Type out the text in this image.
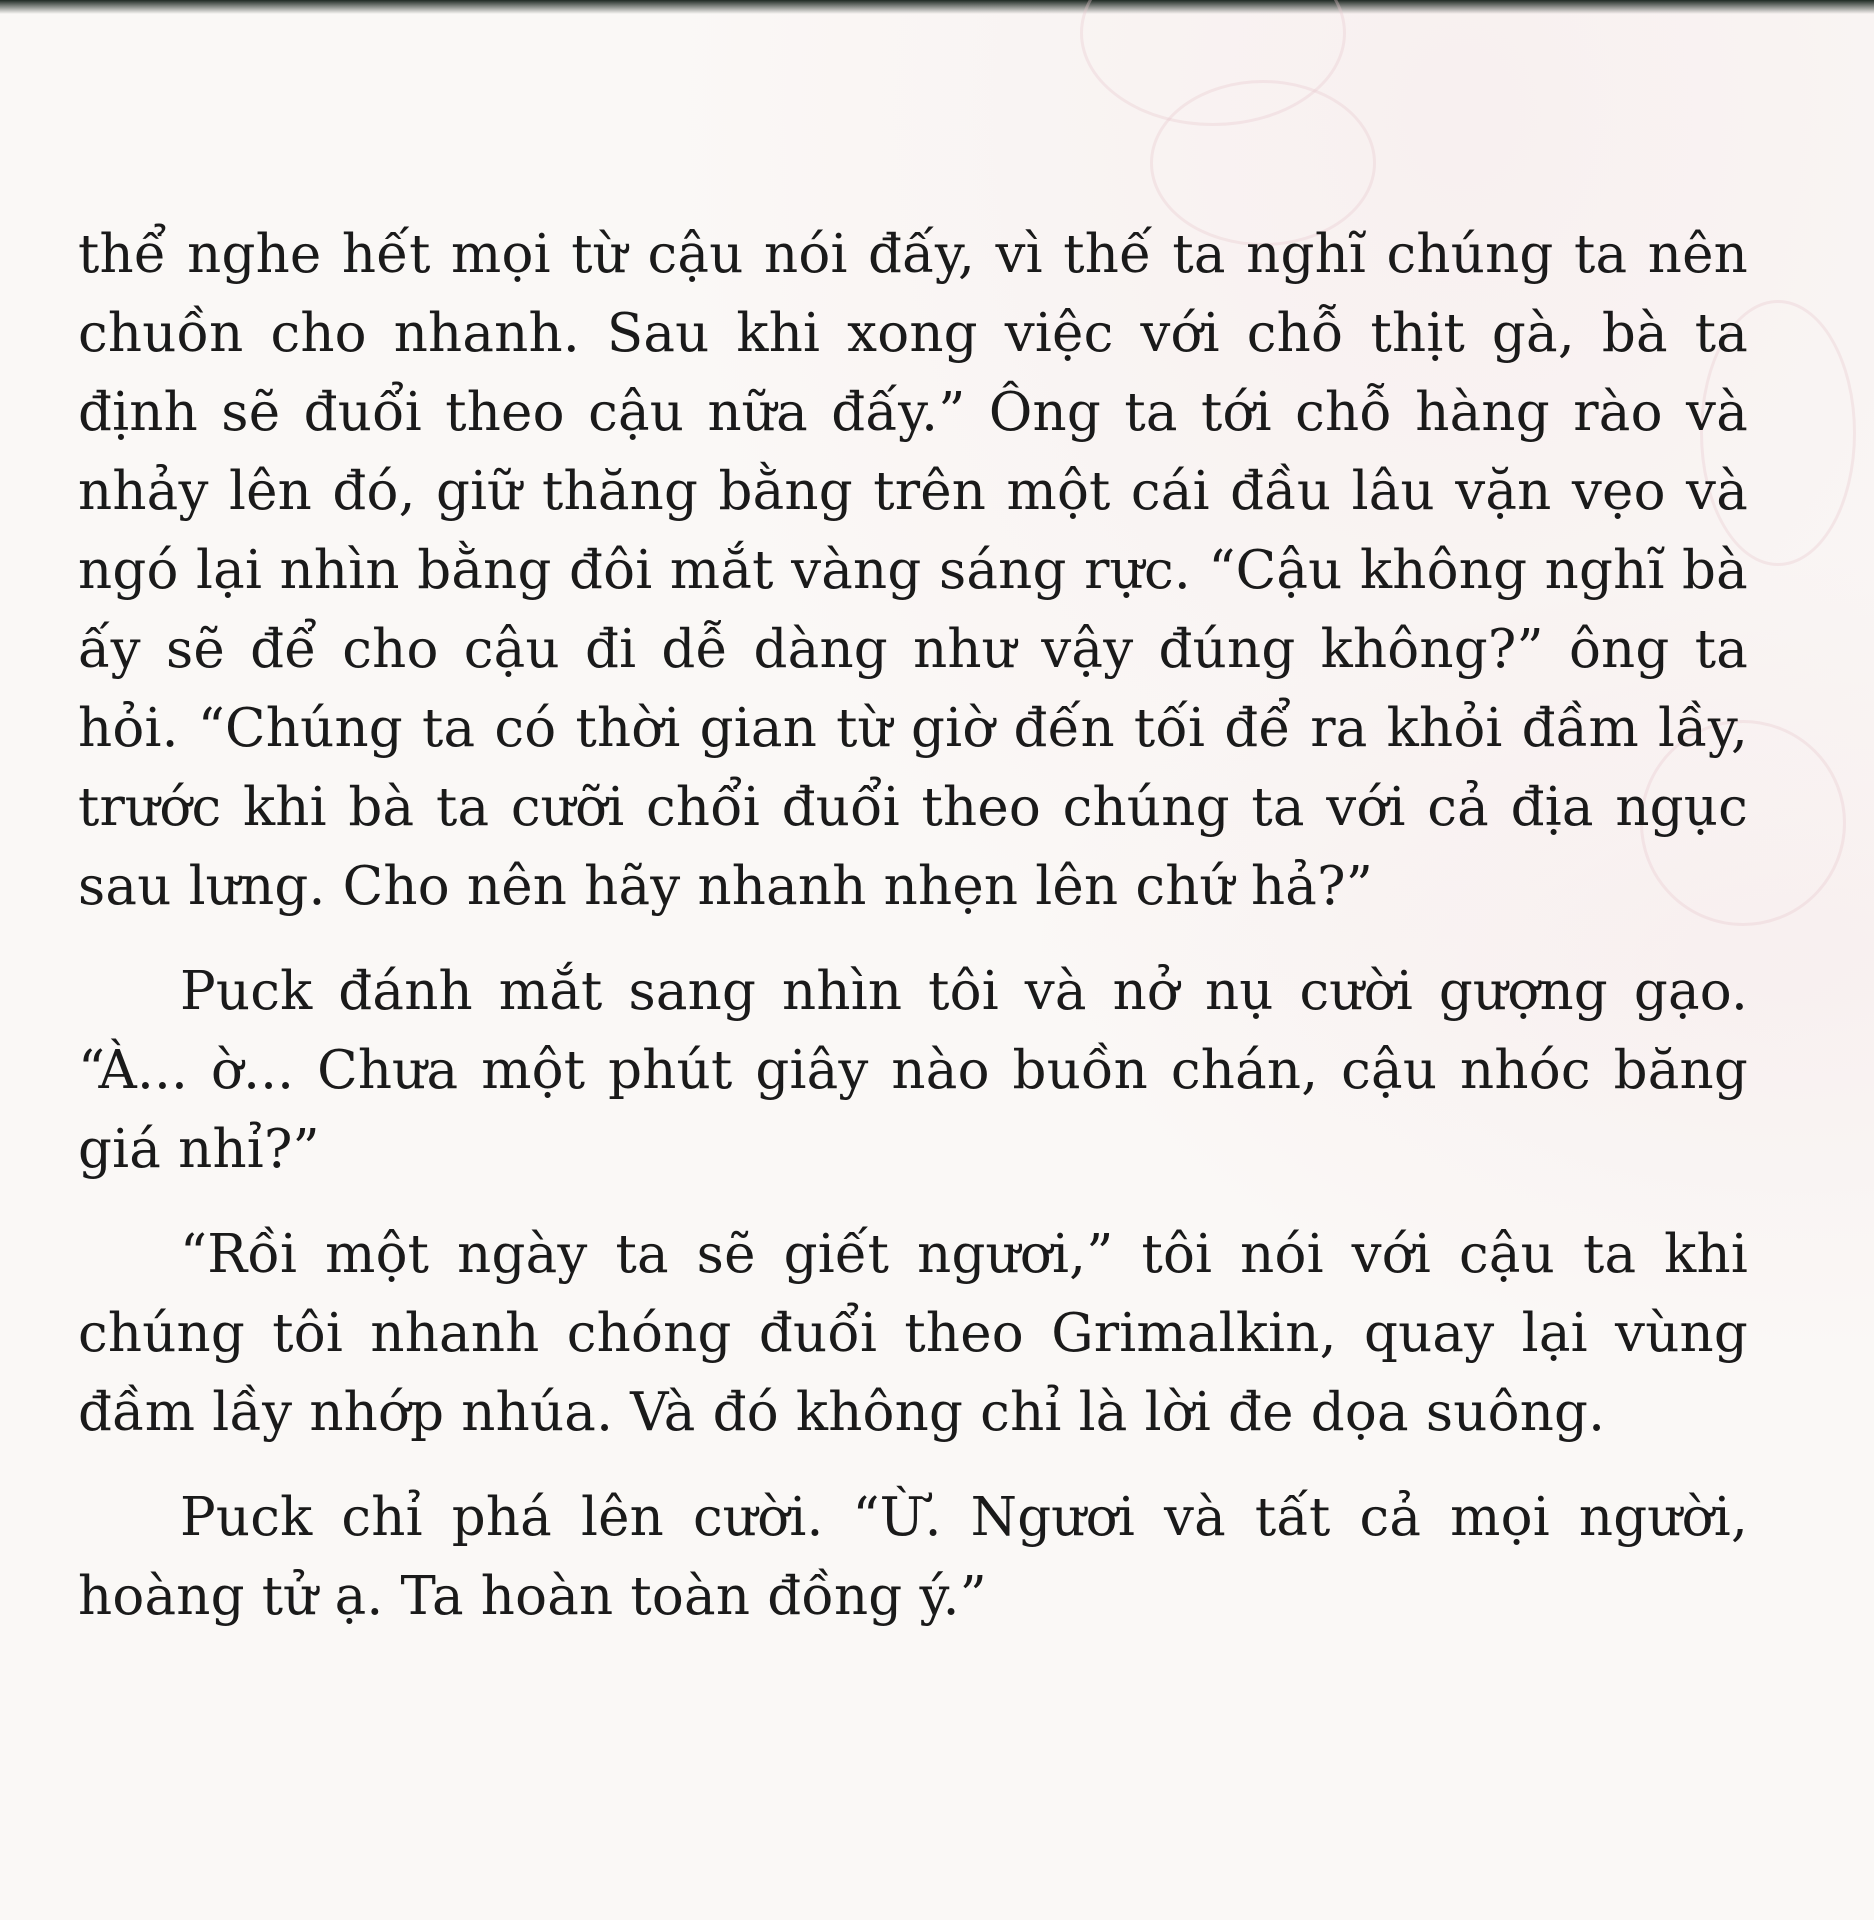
thể nghe hết mọi từ cậu nói đấy, vì thế ta nghĩ chúng ta nên chuồn cho nhanh. Sau khi xong việc với chỗ thịt gà, bà ta định sẽ đuổi theo cậu nữa đấy.” Ông ta tới chỗ hàng rào và nhảy lên đó, giữ thăng bằng trên một cái đầu lâu vặn vẹo và ngó lại nhìn bằng đôi mắt vàng sáng rực. “Cậu không nghĩ bà ấy sẽ để cho cậu đi dễ dàng như vậy đúng không?” ông ta hỏi. “Chúng ta có thời gian từ giờ đến tối để ra khỏi đầm lầy, trước khi bà ta cưỡi chổi đuổi theo chúng ta với cả địa ngục sau lưng. Cho nên hãy nhanh nhẹn lên chứ hả?”

Puck đánh mắt sang nhìn tôi và nở nụ cười gượng gạo. “À... ờ... Chưa một phút giây nào buồn chán, cậu nhóc băng giá nhỉ?”

“Rồi một ngày ta sẽ giết ngươi,” tôi nói với cậu ta khi chúng tôi nhanh chóng đuổi theo Grimalkin, quay lại vùng đầm lầy nhớp nhúa. Và đó không chỉ là lời đe dọa suông.

Puck chỉ phá lên cười. “Ừ. Ngươi và tất cả mọi người, hoàng tử ạ. Ta hoàn toàn đồng ý.”
